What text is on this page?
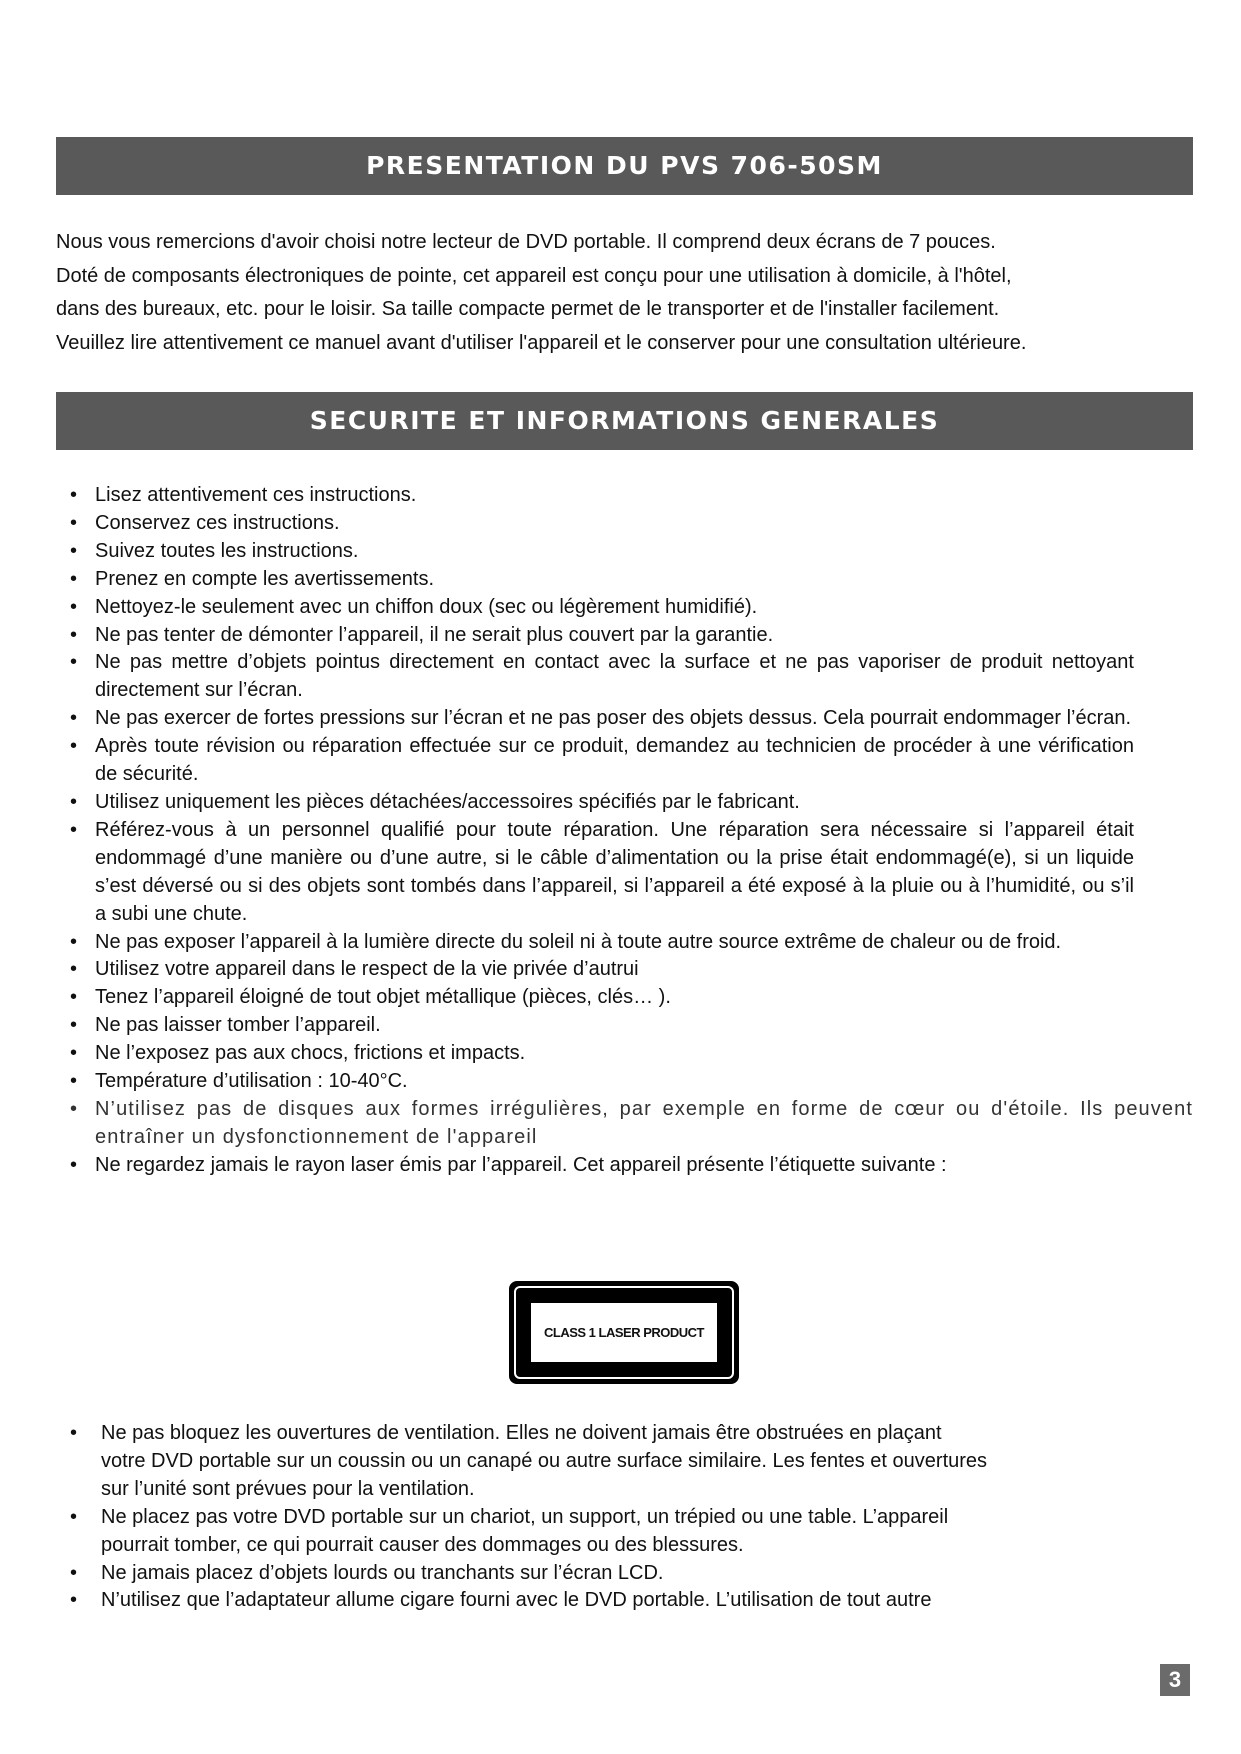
PRESENTATION DU PVS 706-50SM
Nous vous remercions d'avoir choisi notre lecteur de DVD portable. Il comprend deux écrans de 7 pouces.
Doté de composants électroniques de pointe, cet appareil est conçu pour une utilisation à domicile, à l'hôtel,
dans des bureaux, etc. pour le loisir. Sa taille compacte permet de le transporter et de l'installer facilement.
Veuillez lire attentivement ce manuel avant d'utiliser l'appareil et le conserver pour une consultation ultérieure.
SECURITE ET INFORMATIONS GENERALES
• Lisez attentivement ces instructions.
• Conservez ces instructions.
• Suivez toutes les instructions.
• Prenez en compte les avertissements.
• Nettoyez-le seulement avec un chiffon doux (sec ou légèrement humidifié).
• Ne pas tenter de démonter l’appareil, il ne serait plus couvert par la garantie.
• Ne pas mettre d’objets pointus directement en contact avec la surface et ne pas vaporiser de produit nettoyant directement sur l’écran.
• Ne pas exercer de fortes pressions sur l’écran et ne pas poser des objets dessus. Cela pourrait endommager l’écran.
• Après toute révision ou réparation effectuée sur ce produit, demandez au technicien de procéder à une vérification de sécurité.
• Utilisez uniquement les pièces détachées/accessoires spécifiés par le fabricant.
• Référez-vous à un personnel qualifié pour toute réparation. Une réparation sera nécessaire si l’appareil était endommagé d’une manière ou d’une autre, si le câble d’alimentation ou la prise était endommagé(e), si un liquide s’est déversé ou si des objets sont tombés dans l’appareil, si l’appareil a été exposé à la pluie ou à l’humidité, ou s’il a subi une chute.
• Ne pas exposer l’appareil à la lumière directe du soleil ni à toute autre source extrême de chaleur ou de froid.
• Utilisez votre appareil dans le respect de la vie privée d’autrui
• Tenez l’appareil éloigné de tout objet métallique (pièces, clés… ).
• Ne pas laisser tomber l’appareil.
• Ne l’exposez pas aux chocs, frictions et impacts.
• Température d’utilisation : 10-40°C.
• N’utilisez pas de disques aux formes irrégulières, par exemple en forme de cœur ou d'étoile. Ils peuvent entraîner un dysfonctionnement de l'appareil
• Ne regardez jamais le rayon laser émis par l’appareil. Cet appareil présente l’étiquette suivante :
CLASS 1 LASER PRODUCT
• Ne pas bloquez les ouvertures de ventilation. Elles ne doivent jamais être obstruées en plaçant
votre DVD portable sur un coussin ou un canapé ou autre surface similaire. Les fentes et ouvertures
sur l’unité sont prévues pour la ventilation.
• Ne placez pas votre DVD portable sur un chariot, un support, un trépied ou une table. L’appareil
pourrait tomber, ce qui pourrait causer des dommages ou des blessures.
• Ne jamais placez d’objets lourds ou tranchants sur l’écran LCD.
• N’utilisez que l’adaptateur allume cigare fourni avec le DVD portable. L’utilisation de tout autre
3
